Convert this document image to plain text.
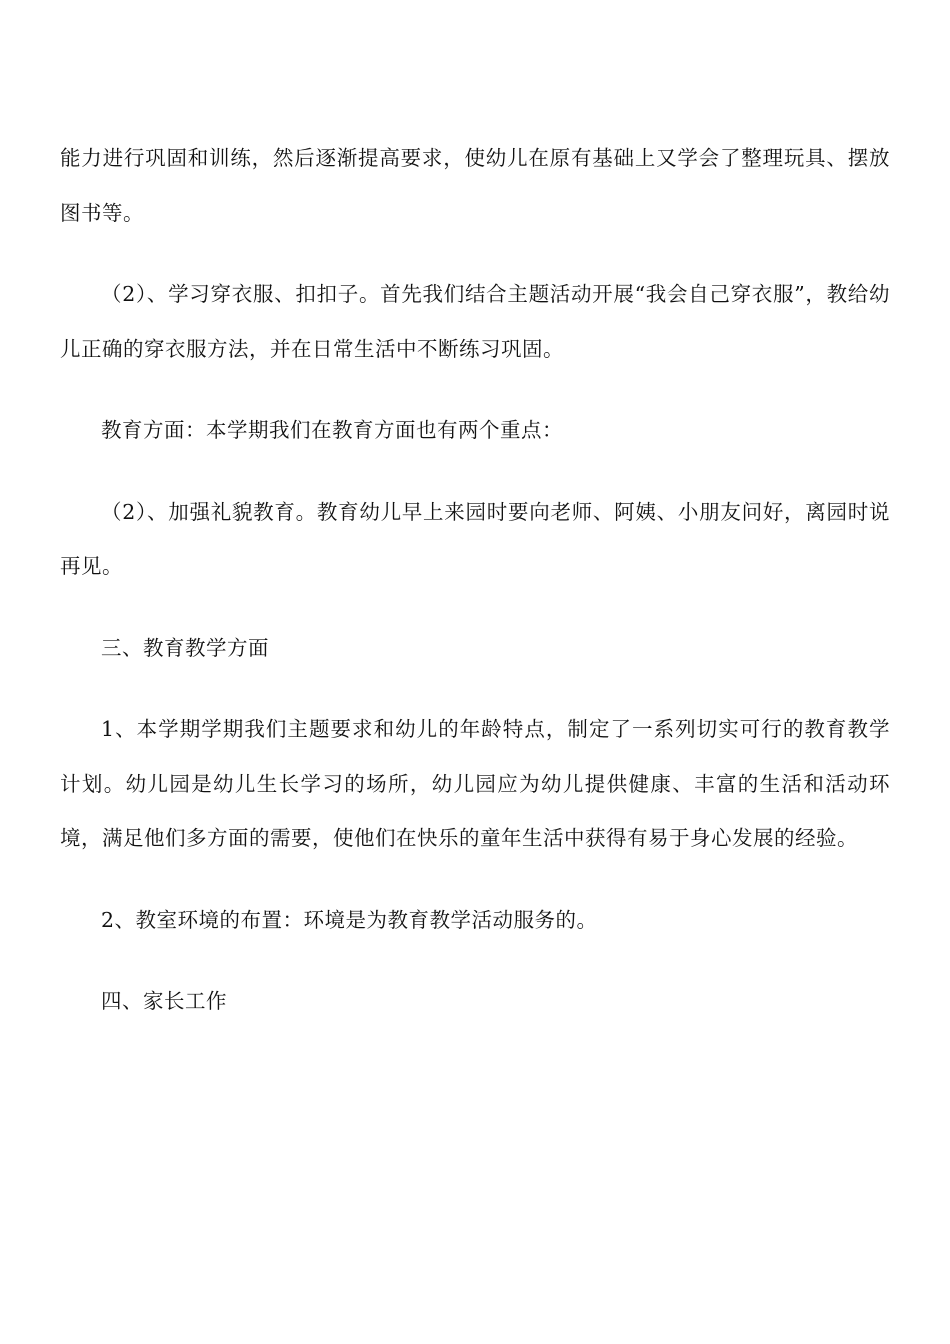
能力进行巩固和训练，然后逐渐提高要求，使幼儿在原有基础上又学会了整理玩具、摆放图书等。

（2）、学习穿衣服、扣扣子。首先我们结合主题活动开展“我会自己穿衣服”，教给幼儿正确的穿衣服方法，并在日常生活中不断练习巩固。

教育方面：本学期我们在教育方面也有两个重点：

（2）、加强礼貌教育。教育幼儿早上来园时要向老师、阿姨、小朋友问好，离园时说再见。

三、教育教学方面

1、本学期学期我们主题要求和幼儿的年龄特点，制定了一系列切实可行的教育教学计划。幼儿园是幼儿生长学习的场所，幼儿园应为幼儿提供健康、丰富的生活和活动环境，满足他们多方面的需要，使他们在快乐的童年生活中获得有易于身心发展的经验。

2、教室环境的布置：环境是为教育教学活动服务的。

四、家长工作
